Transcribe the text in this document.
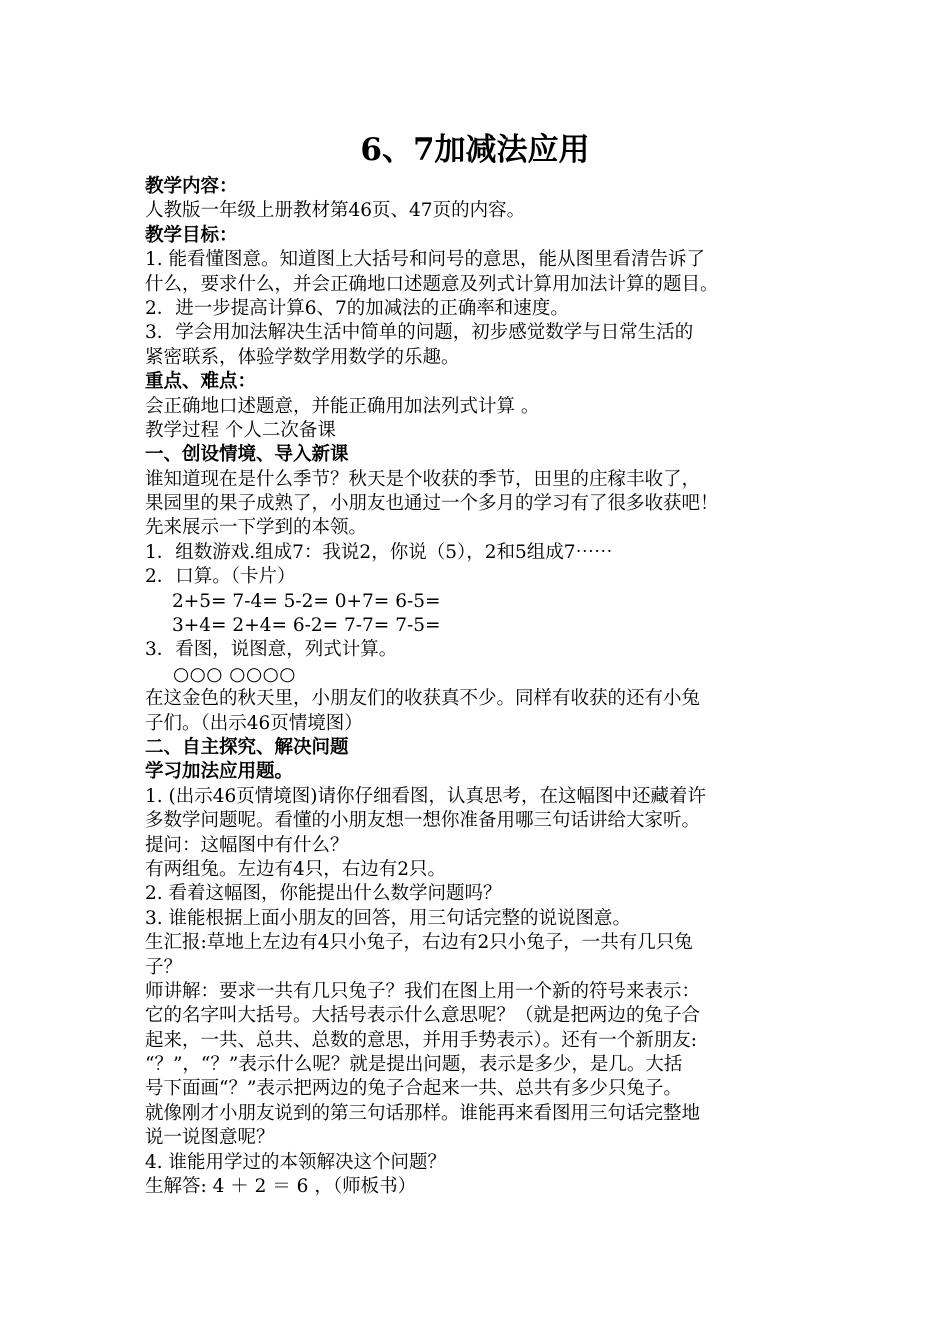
6、7加减法应用
教学内容：
人教版一年级上册教材第46页、47页的内容。
教学目标：
1. 能看懂图意。知道图上大括号和问号的意思，能从图里看清告诉了
什么，要求什么，并会正确地口述题意及列式计算用加法计算的题目。
2．进一步提高计算6、7的加减法的正确率和速度。
3．学会用加法解决生活中简单的问题，初步感觉数学与日常生活的
紧密联系，体验学数学用数学的乐趣。
重点、难点：
会正确地口述题意，并能正确用加法列式计算 。
教学过程 个人二次备课
一、创设情境、导入新课
谁知道现在是什么季节？秋天是个收获的季节，田里的庄稼丰收了，
果园里的果子成熟了，小朋友也通过一个多月的学习有了很多收获吧！
先来展示一下学到的本领。
1．组数游戏.组成7：我说2，你说（5），2和5组成7⋯⋯
2．口算。（卡片）
2+5= 7-4= 5-2= 0+7= 6-5=
3+4= 2+4= 6-2= 7-7= 7-5=
3．看图，说图意，列式计算。
○○○ ○○○○
在这金色的秋天里，小朋友们的收获真不少。同样有收获的还有小兔
子们。（出示46页情境图）
二、自主探究、解决问题
学习加法应用题。
1. (出示46页情境图)请你仔细看图，认真思考，在这幅图中还藏着许
多数学问题呢。看懂的小朋友想一想你准备用哪三句话讲给大家听。
提问：这幅图中有什么？
有两组兔。左边有4只，右边有2只。
2. 看着这幅图，你能提出什么数学问题吗？
3. 谁能根据上面小朋友的回答，用三句话完整的说说图意。
生汇报:草地上左边有4只小兔子，右边有2只小兔子，一共有几只兔
子？
师讲解：要求一共有几只兔子？我们在图上用一个新的符号来表示：
它的名字叫大括号。大括号表示什么意思呢？（就是把两边的兔子合
起来，一共、总共、总数的意思，并用手势表示）。还有一个新朋友:
“？”，“？”表示什么呢？就是提出问题，表示是多少，是几。大括
号下面画“？”表示把两边的兔子合起来一共、总共有多少只兔子。
就像刚才小朋友说到的第三句话那样。谁能再来看图用三句话完整地
说一说图意呢？
4. 谁能用学过的本领解决这个问题？
生解答: 4 ＋ 2 ＝ 6 ，（师板书）
